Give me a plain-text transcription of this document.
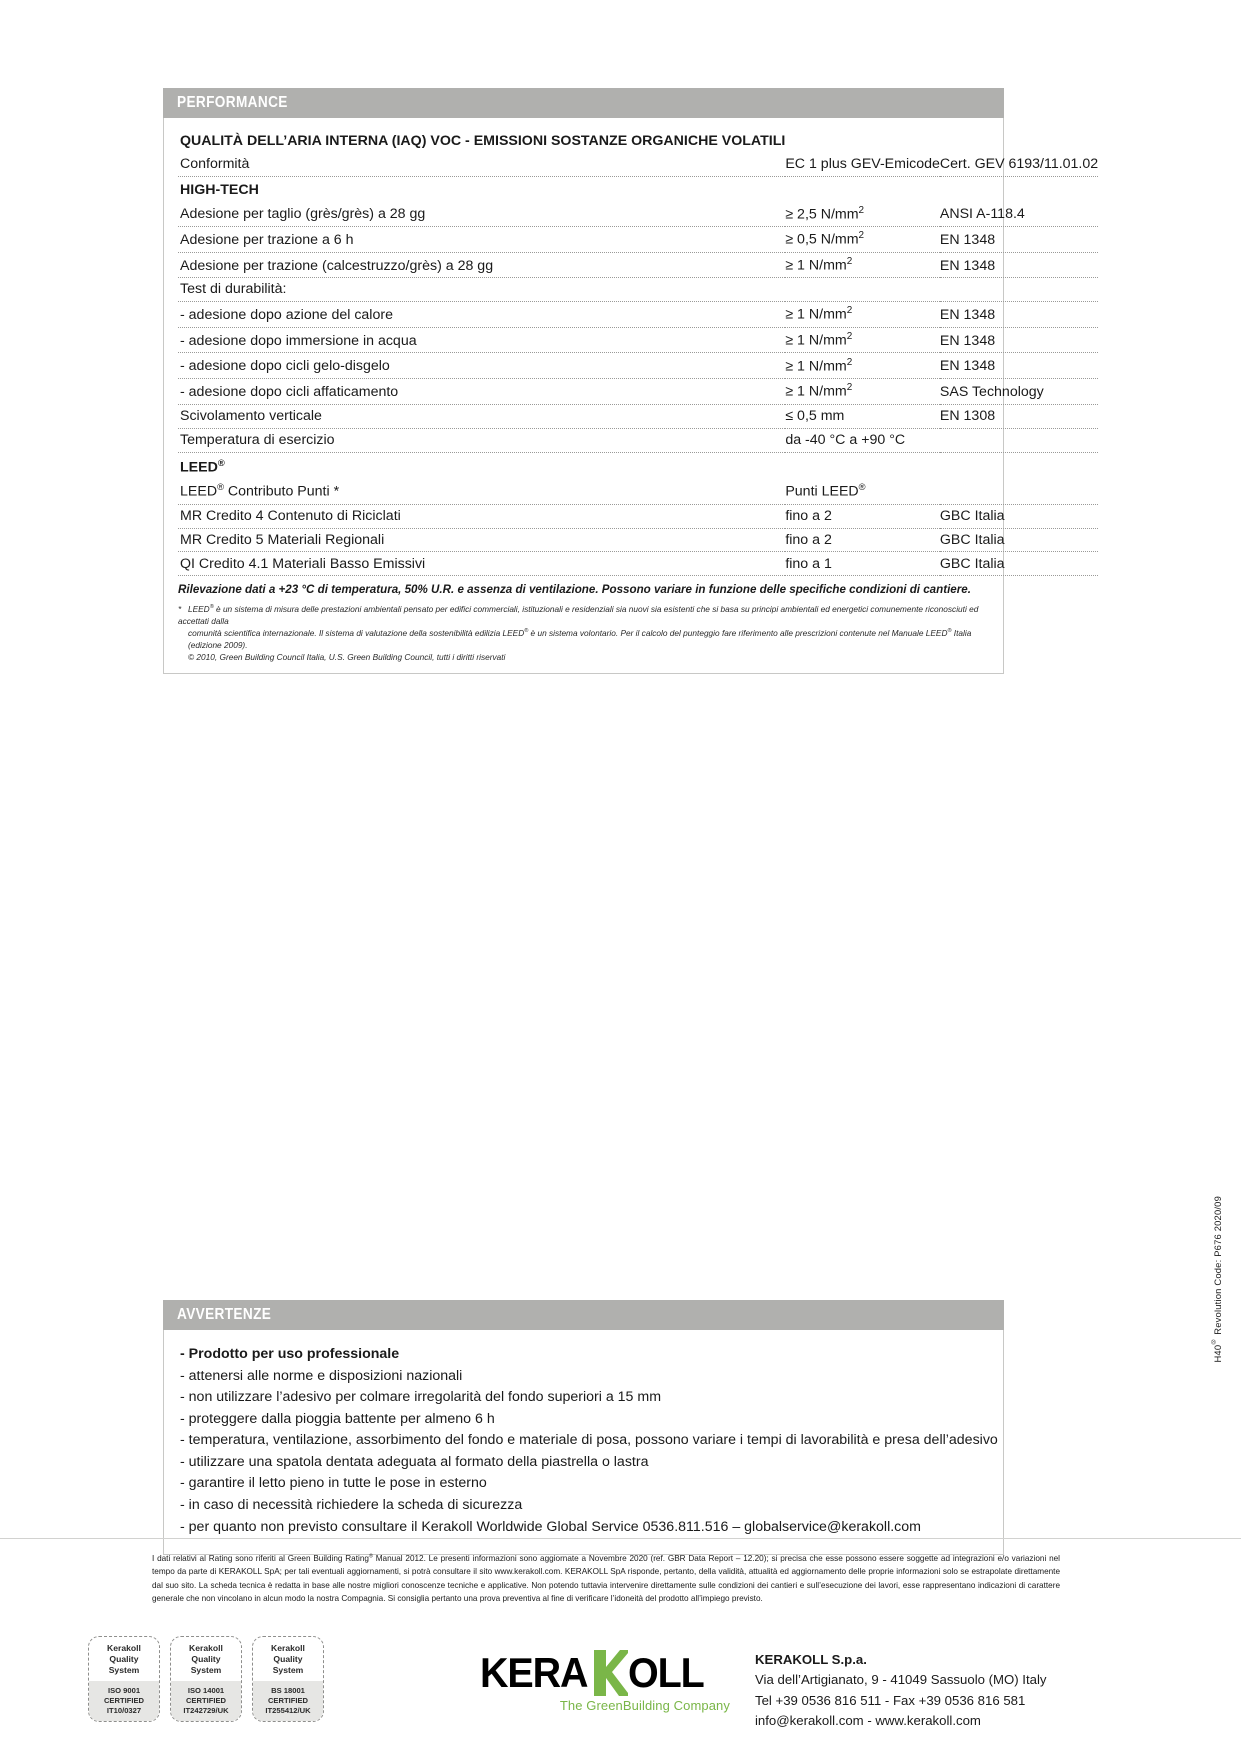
PERFORMANCE
QUALITÀ DELL’ARIA INTERNA (IAQ) VOC - EMISSIONI SOSTANZE ORGANICHE VOLATILI		
Conformità	EC 1 plus GEV-Emicode	Cert. GEV 6193/11.01.02
HIGH-TECH		
Adesione per taglio (grès/grès) a 28 gg	≥ 2,5 $N/mm^2$	ANSI A-118.4
Adesione per trazione a 6 h	≥ 0,5 $N/mm^2$	EN 1348
Adesione per trazione (calcestruzzo/grès) a 28 gg	≥ 1 $N/mm^2$	EN 1348
Test di durabilità:		
- adesione dopo azione del calore	≥ 1 $N/mm^2$	EN 1348
- adesione dopo immersione in acqua	≥ 1 $N/mm^2$	EN 1348
- adesione dopo cicli gelo-disgelo	≥ 1 $N/mm^2$	EN 1348
- adesione dopo cicli affaticamento	≥ 1 $N/mm^2$	SAS Technology
Scivolamento verticale	≤ 0,5 mm	EN 1308
Temperatura di esercizio	da -40 °C a +90 °C	
LEED®		
LEED® Contributo Punti *	Punti LEED®	
MR Credito 4 Contenuto di Riciclati	fino a 2	GBC Italia
MR Credito 5 Materiali Regionali	fino a 2	GBC Italia
QI Credito 4.1 Materiali Basso Emissivi	fino a 1	GBC Italia
Rilevazione dati a +23 °C di temperatura, 50% U.R. e assenza di ventilazione. Possono variare in funzione delle specifiche condizioni di cantiere.
* LEED® è un sistema di misura delle prestazioni ambientali pensato per edifici commerciali, istituzionali e residenziali sia nuovi sia esistenti che si basa su principi ambientali ed energetici comunemente riconosciuti ed accettati dalla
comunità scientifica internazionale. Il sistema di valutazione della sostenibilità edilizia LEED® è un sistema volontario. Per il calcolo del punteggio fare riferimento alle prescrizioni contenute nel Manuale LEED® Italia (edizione 2009).
© 2010, Green Building Council Italia, U.S. Green Building Council, tutti i diritti riservati
AVVERTENZE
- Prodotto per uso professionale
- attenersi alle norme e disposizioni nazionali
- non utilizzare l’adesivo per colmare irregolarità del fondo superiori a 15 mm
- proteggere dalla pioggia battente per almeno 6 h
- temperatura, ventilazione, assorbimento del fondo e materiale di posa, possono variare i tempi di lavorabilità e presa dell’adesivo
- utilizzare una spatola dentata adeguata al formato della piastrella o lastra
- garantire il letto pieno in tutte le pose in esterno
- in caso di necessità richiedere la scheda di sicurezza
- per quanto non previsto consultare il Kerakoll Worldwide Global Service 0536.811.516 – globalservice@kerakoll.com
H40® Revolution Code: P676 2020/09
I dati relativi al Rating sono riferiti al Green Building Rating® Manual 2012. Le presenti informazioni sono aggiornate a Novembre 2020 (ref. GBR Data Report – 12.20); si precisa che esse possono essere soggette ad integrazioni e/o variazioni nel tempo da parte di KERAKOLL SpA; per tali eventuali aggiornamenti, si potrà consultare il sito www.kerakoll.com. KERAKOLL SpA risponde, pertanto, della validità, attualità ed aggiornamento delle proprie informazioni solo se estrapolate direttamente dal suo sito. La scheda tecnica è redatta in base alle nostre migliori conoscenze tecniche e applicative. Non potendo tuttavia intervenire direttamente sulle condizioni dei cantieri e sull’esecuzione dei lavori, esse rappresentano indicazioni di carattere generale che non vincolano in alcun modo la nostra Compagnia. Si consiglia pertanto una prova preventiva al fine di verificare l’idoneità del prodotto all’impiego previsto.
Kerakoll
Quality
System
ISO 9001
CERTIFIED
IT10/0327
Kerakoll
Quality
System
ISO 14001
CERTIFIED
IT242729/UK
Kerakoll
Quality
System
BS 18001
CERTIFIED
IT255412/UK
KERA OLL
The GreenBuilding Company
KERAKOLL S.p.a.
Via dell’Artigianato, 9 - 41049 Sassuolo (MO) Italy
Tel +39 0536 816 511 - Fax +39 0536 816 581
info@kerakoll.com - www.kerakoll.com
